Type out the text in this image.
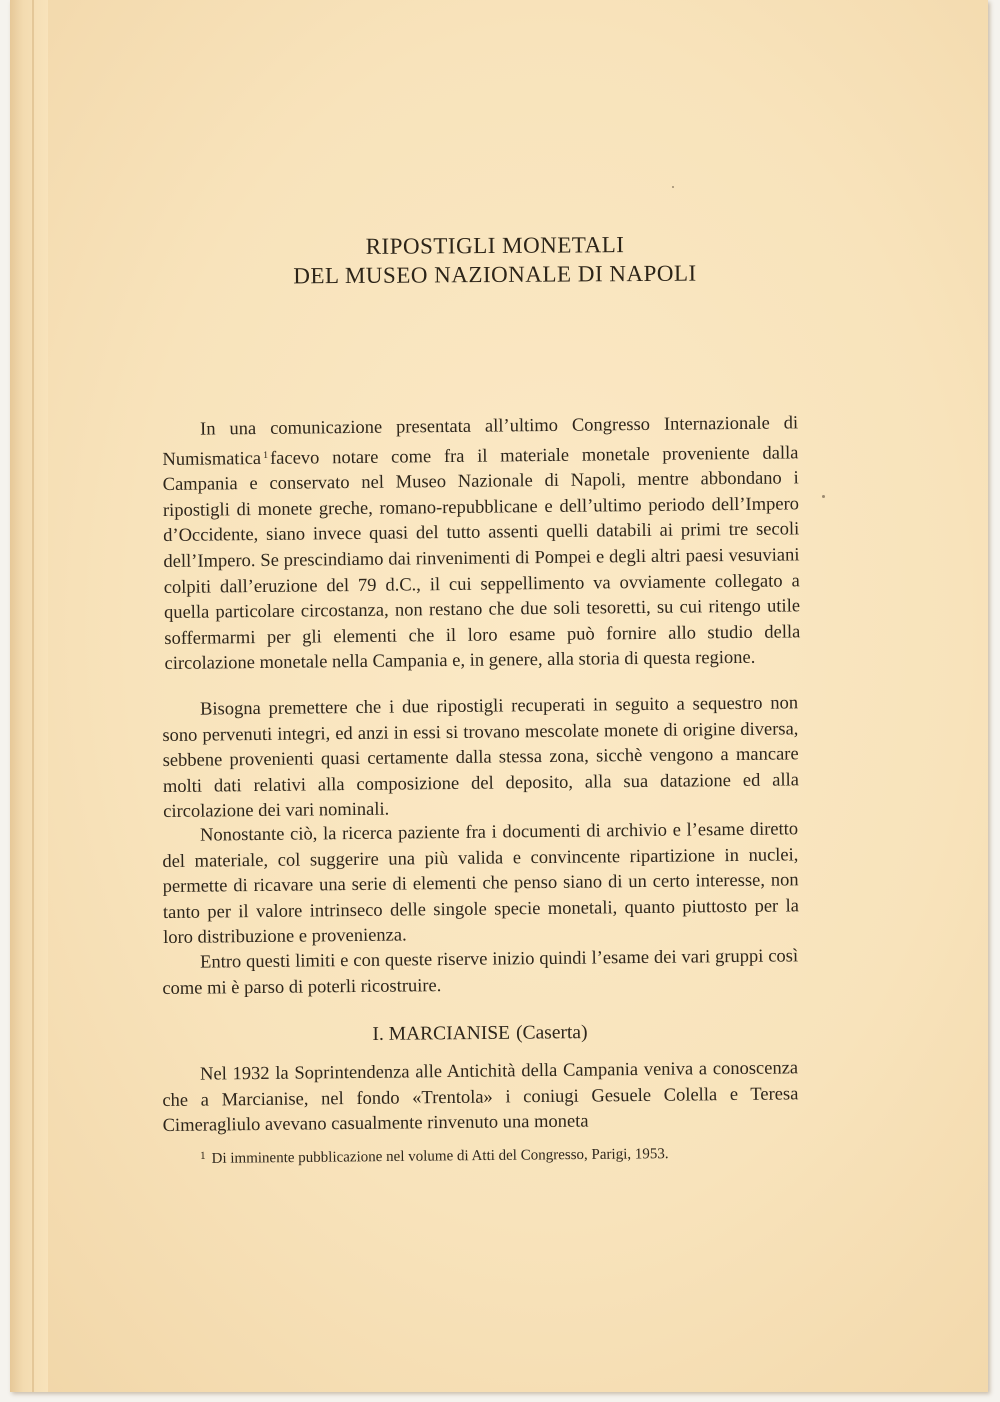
RIPOSTIGLI MONETALI
DEL MUSEO NAZIONALE DI NAPOLI

In una comunicazione presentata all’ultimo Congresso Internazionale di Numismatica $^1$ facevo notare come fra il materiale monetale proveniente dalla Campania e conservato nel Museo Nazionale di Napoli, mentre abbondano i ripostigli di monete greche, romano-repubblicane e dell’ultimo periodo dell’Impero d’Occidente, siano invece quasi del tutto assenti quelli databili ai primi tre secoli dell’Impero. Se prescindiamo dai rinvenimenti di Pompei e degli altri paesi vesuviani colpiti dall’eruzione del 79 d.C., il cui seppellimento va ovviamente collegato a quella particolare circostanza, non restano che due soli tesoretti, su cui ritengo utile soffermarmi per gli elementi che il loro esame può fornire allo studio della circolazione monetale nella Campania e, in genere, alla storia di questa regione.

Bisogna premettere che i due ripostigli recuperati in seguito a sequestro non sono pervenuti integri, ed anzi in essi si trovano mescolate monete di origine diversa, sebbene provenienti quasi certamente dalla stessa zona, sicchè vengono a mancare molti dati relativi alla composizione del deposito, alla sua datazione ed alla circolazione dei vari nominali.

Nonostante ciò, la ricerca paziente fra i documenti di archivio e l’esame diretto del materiale, col suggerire una più valida e convincente ripartizione in nuclei, permette di ricavare una serie di elementi che penso siano di un certo interesse, non tanto per il valore intrinseco delle singole specie monetali, quanto piuttosto per la loro distribuzione e provenienza.

Entro questi limiti e con queste riserve inizio quindi l’esame dei vari gruppi così come mi è parso di poterli ricostruire.

I. MARCIANISE (Caserta)

Nel 1932 la Soprintendenza alle Antichità della Campania veniva a conoscenza che a Marcianise, nel fondo «Trentola» i coniugi Gesuele Colella e Teresa Cimeragliulo avevano casualmente rinvenuto una moneta

$^1$ Di imminente pubblicazione nel volume di Atti del Congresso, Parigi, 1953.
